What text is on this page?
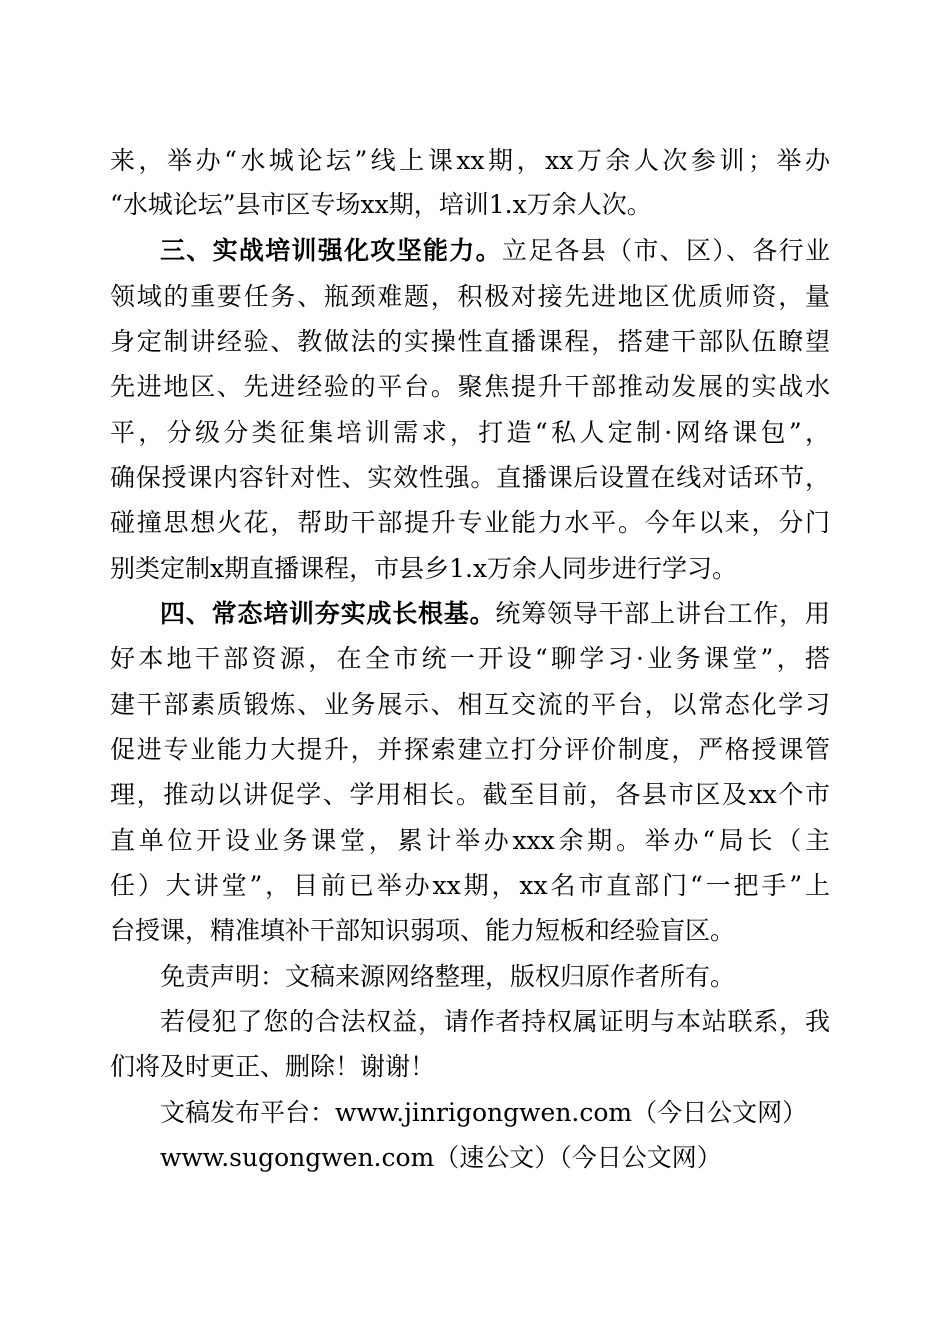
来，举办“水城论坛”线上课xx期，xx万余人次参训；举办
“水城论坛”县市区专场xx期，培训1.x万余人次。
三、实战培训强化攻坚能力。立足各县（市、区）、各行业
领域的重要任务、瓶颈难题，积极对接先进地区优质师资，量
身定制讲经验、教做法的实操性直播课程，搭建干部队伍瞭望
先进地区、先进经验的平台。聚焦提升干部推动发展的实战水
平，分级分类征集培训需求，打造“私人定制·网络课包”，
确保授课内容针对性、实效性强。直播课后设置在线对话环节，
碰撞思想火花，帮助干部提升专业能力水平。今年以来，分门
别类定制x期直播课程，市县乡1.x万余人同步进行学习。
四、常态培训夯实成长根基。统筹领导干部上讲台工作，用
好本地干部资源，在全市统一开设“聊学习·业务课堂”，搭
建干部素质锻炼、业务展示、相互交流的平台，以常态化学习
促进专业能力大提升，并探索建立打分评价制度，严格授课管
理，推动以讲促学、学用相长。截至目前，各县市区及xx个市
直单位开设业务课堂，累计举办xxx余期。举办“局长（主
任）大讲堂”，目前已举办xx期，xx名市直部门“一把手”上
台授课，精准填补干部知识弱项、能力短板和经验盲区。
免责声明：文稿来源网络整理，版权归原作者所有。
若侵犯了您的合法权益，请作者持权属证明与本站联系，我
们将及时更正、删除！谢谢！
文稿发布平台：www.jinrigongwen.com（今日公文网）
www.sugongwen.com（速公文）（今日公文网）
